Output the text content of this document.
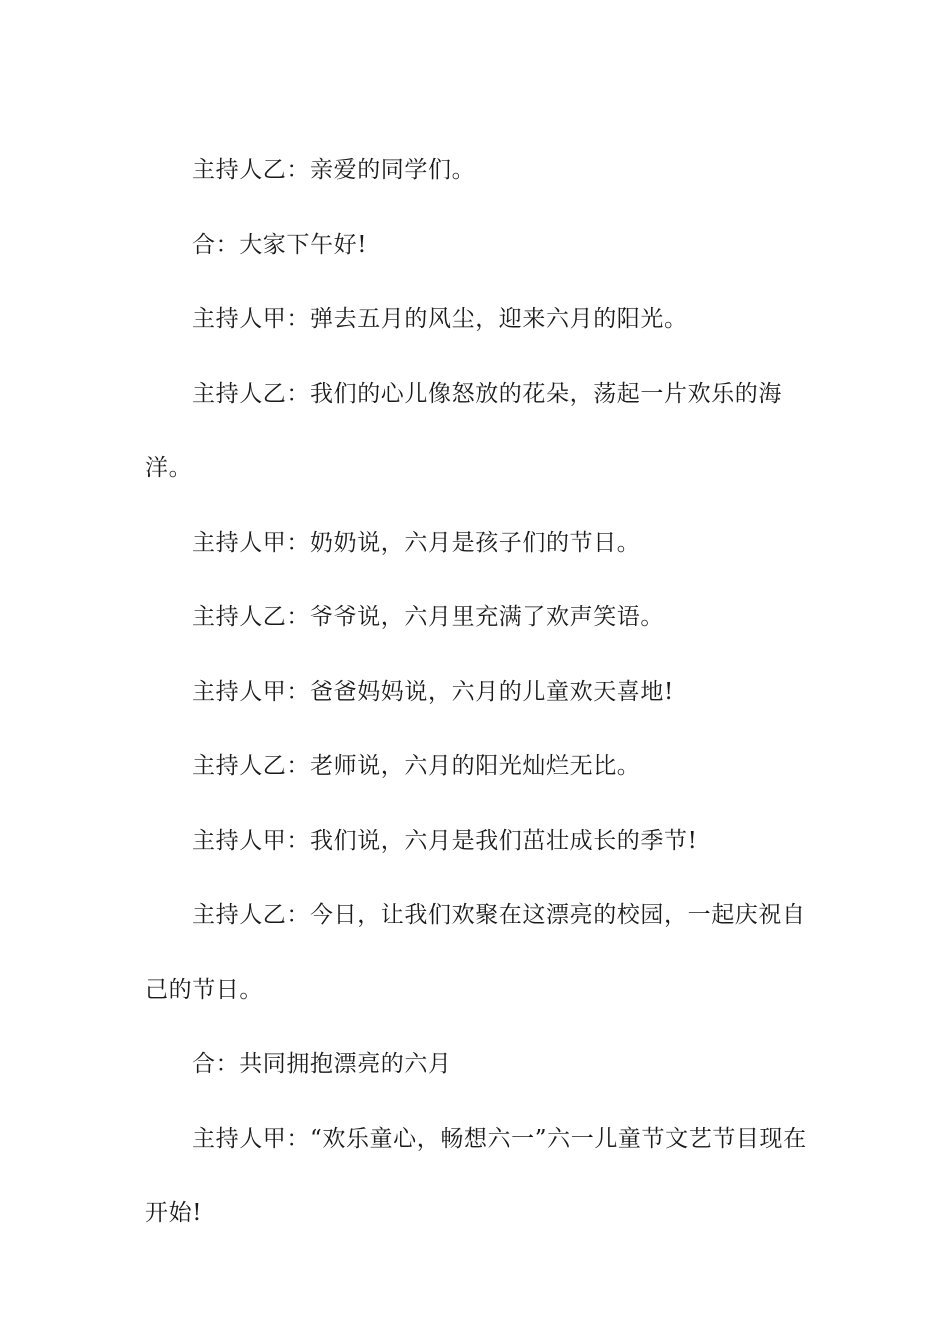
主持人乙：亲爱的同学们。

合：大家下午好!

主持人甲：弹去五月的风尘，迎来六月的阳光。

主持人乙：我们的心儿像怒放的花朵，荡起一片欢乐的海洋。

主持人甲：奶奶说，六月是孩子们的节日。

主持人乙：爷爷说，六月里充满了欢声笑语。

主持人甲：爸爸妈妈说，六月的儿童欢天喜地!

主持人乙：老师说，六月的阳光灿烂无比。

主持人甲：我们说，六月是我们茁壮成长的季节!

主持人乙：今日，让我们欢聚在这漂亮的校园，一起庆祝自己的节日。

合：共同拥抱漂亮的六月

主持人甲：“欢乐童心，畅想六一”六一儿童节文艺节目现在开始!
